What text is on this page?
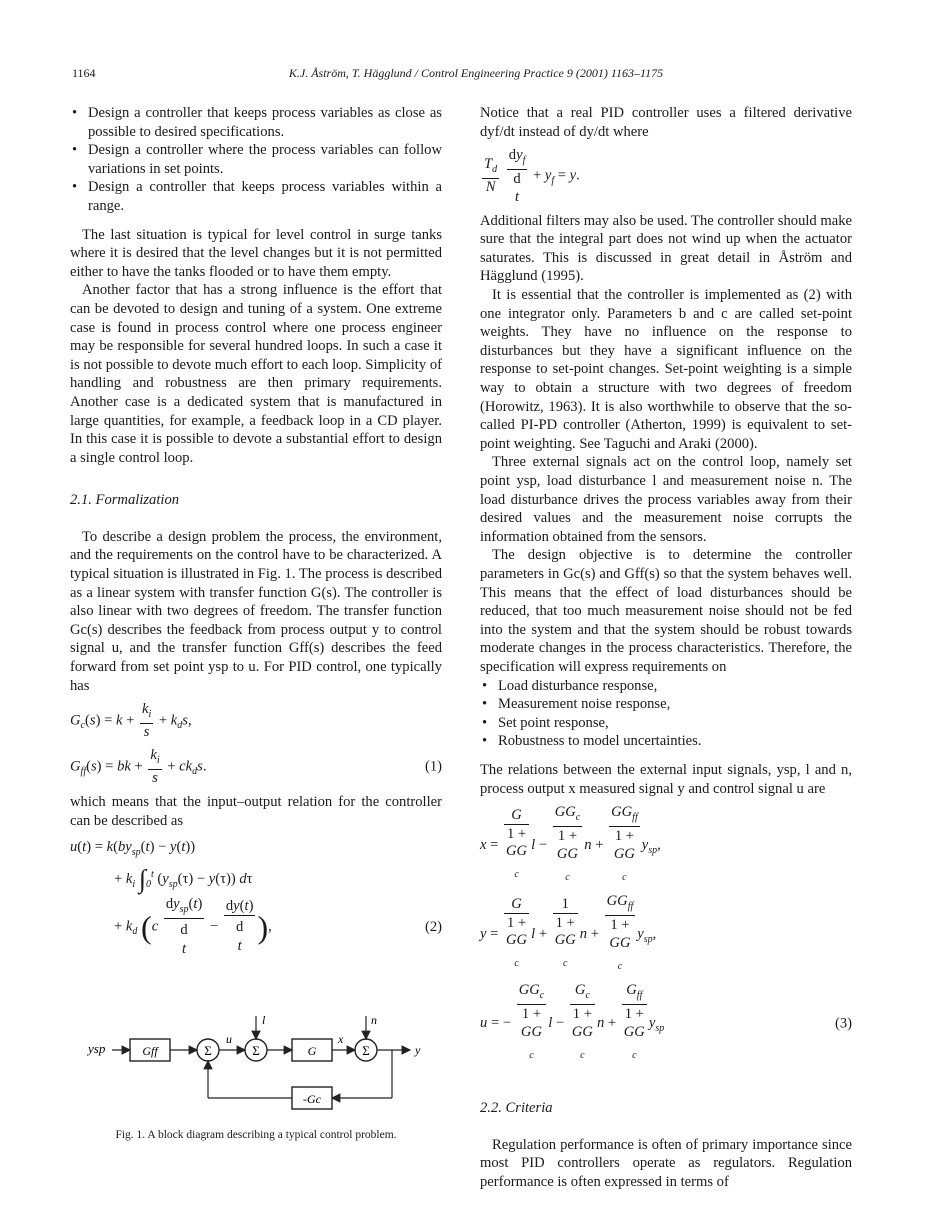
1164	K.J. Åström, T. Hägglund / Control Engineering Practice 9 (2001) 1163–1175
• Design a controller that keeps process variables as close as possible to desired specifications.
• Design a controller where the process variables can follow variations in set points.
• Design a controller that keeps process variables within a range.

The last situation is typical for level control in surge tanks where it is desired that the level changes but it is not permitted either to have the tanks flooded or to have them empty.

Another factor that has a strong influence is the effort that can be devoted to design and tuning of a system. One extreme case is found in process control where one process engineer may be responsible for several hundred loops. In such a case it is not possible to devote much effort to each loop. Simplicity of handling and robustness are then primary requirements. Another case is a dedicated system that is manufactured in large quantities, for example, a feedback loop in a CD player. In this case it is possible to devote a substantial effort to design a single control loop.

2.1. Formalization

To describe a design problem the process, the environment, and the requirements on the control have to be characterized. A typical situation is illustrated in Fig. 1. The process is described as a linear system with transfer function G(s). The controller is also linear with two degrees of freedom. The transfer function Gc(s) describes the feedback from process output y to control signal u, and the transfer function Gff(s) describes the feed forward from set point ysp to u. For PID control, one typically has

$G_c(s) = k + \frac{k_i}{s} + k_ds$,
$G_{ff}(s)$ = bk + $\frac{k_i}{s} + ck_ds$.	(1)

which means that the input–output relation for the controller can be described as

$u(t) = k(by_{sp}(t) - y(t))$
+ $k_i$ $\int_0^t$ $(y_{sp}(\tau) - y(\tau))$ dτ
+ $k_d$ (c
$dy_{sp}(t)$
d
t
−
dy(t)
d
t
),	(2)
ysp	Gff	Σ
u
Σ
l
G
x
Σ
n
y
-Gc
Fig. 1. A block diagram describing a typical control problem.

Notice that a real PID controller uses a filtered derivative dyf/dt instead of dy/dt where

$\frac{T_d}{N}$

$dy_f$
d
t
+ $y_f = y$.

Additional filters may also be used. The controller should make sure that the integral part does not wind up when the actuator saturates. This is discussed in great detail in Åström and Hägglund (1995).

It is essential that the controller is implemented as (2) with one integrator only. Parameters b and c are called set-point weights. They have no influence on the response to disturbances but they have a significant influence on the response to set-point changes. Set-point weighting is a simple way to obtain a structure with two degrees of freedom (Horowitz, 1963). It is also worthwhile to observe that the so-called PI-PD controller (Atherton, 1999) is equivalent to set-point weighting. See Taguchi and Araki (2000).

Three external signals act on the control loop, namely set point ysp, load disturbance l and measurement noise n. The load disturbance drives the process variables away from their desired values and the measurement noise corrupts the information obtained from the sensors.

The design objective is to determine the controller parameters in Gc(s) and Gff(s) so that the system behaves well. This means that the effect of load disturbances should be reduced, that too much measurement noise should not be fed into the system and that the system should be robust towards moderate changes in the process characteristics. Therefore, the specification will express requirements on

• Load disturbance response,
• Measurement noise response,
• Set point response,
• Robustness to model uncertainties.

The relations between the external input signals, ysp, l and n, process output x measured signal y and control signal u are

x =
G
1 +
GG
$_c$l −
$GG_c$
1 +
GG
$_c$n +
$GG_{ff}$
1 +
GG
$_cy_{sp}$,
y =
G
1 +
GG
$_c$l +
1
1 +
GG
$_c$n +
$GG_{ff}$
1 +
GG
$_cy_{sp}$,
u = −
$GG_c$
1 +
GG
$_c$l −
$G_c$
1 +
GG
$_c$n +
$G_{ff}$
1 +
GG
$_cy_{sp}$	(3)
2.2. Criteria

Regulation performance is often of primary importance since most PID controllers operate as regulators. Regulation performance is often expressed in terms of
